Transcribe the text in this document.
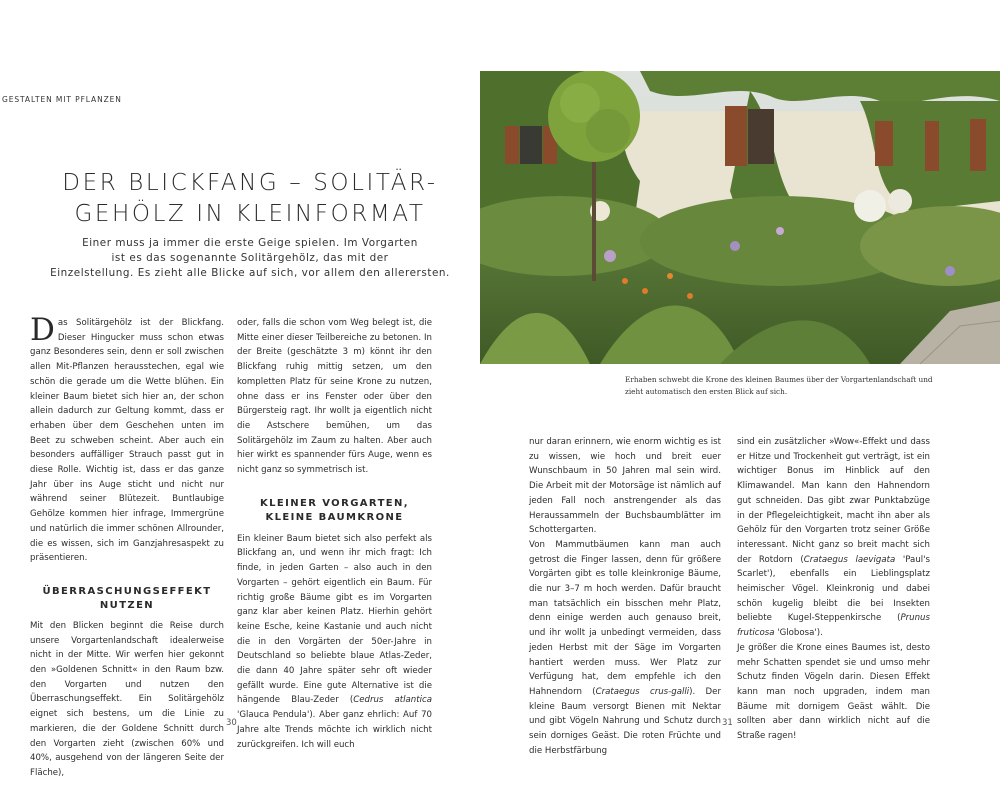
GESTALTEN MIT PFLANZEN
DER BLICKFANG – SOLITÄR-
GEHÖLZ IN KLEINFORMAT
Einer muss ja immer die erste Geige spielen. Im Vorgarten
ist es das sogenannte Solitärgehölz, das mit der
Einzelstellung. Es zieht alle Blicke auf sich, vor allem den allerersten.

Das Solitärgehölz ist der Blickfang. Dieser Hingucker muss schon etwas ganz Besonderes sein, denn er soll zwischen allen Mit-Pflanzen herausstechen, egal wie schön die gerade um die Wette blühen. Ein kleiner Baum bietet sich hier an, der schon allein dadurch zur Geltung kommt, dass er erhaben über dem Geschehen unten im Beet zu schweben scheint. Aber auch ein besonders auffälliger Strauch passt gut in diese Rolle. Wichtig ist, dass er das ganze Jahr über ins Auge sticht und nicht nur während seiner Blütezeit. Buntlaubige Gehölze kommen hier infrage, Immergrüne und natürlich die immer schönen Allrounder, die es wissen, sich im Ganzjahresaspekt zu präsentieren.

ÜBERRASCHUNGSEFFEKT
NUTZEN

Mit den Blicken beginnt die Reise durch unsere Vorgartenlandschaft idealerweise nicht in der Mitte. Wir werfen hier gekonnt den »Goldenen Schnitt« in den Raum bzw. den Vorgarten und nutzen den Überraschungseffekt. Ein Solitärgehölz eignet sich bestens, um die Linie zu markieren, die der Goldene Schnitt durch den Vorgarten zieht (zwischen 60% und 40%, ausgehend von der längeren Seite der Fläche),

oder, falls die schon vom Weg belegt ist, die Mitte einer dieser Teilbereiche zu betonen. In der Breite (geschätzte 3 m) könnt ihr den Blickfang ruhig mittig setzen, um den kompletten Platz für seine Krone zu nutzen, ohne dass er ins Fenster oder über den Bürgersteig ragt. Ihr wollt ja eigentlich nicht die Astschere bemühen, um das Solitärgehölz im Zaum zu halten. Aber auch hier wirkt es spannender fürs Auge, wenn es nicht ganz so symmetrisch ist.

KLEINER VORGARTEN,
KLEINE BAUMKRONE

Ein kleiner Baum bietet sich also perfekt als Blickfang an, und wenn ihr mich fragt: Ich finde, in jeden Garten – also auch in den Vorgarten – gehört eigentlich ein Baum. Für richtig große Bäume gibt es im Vorgarten ganz klar aber keinen Platz. Hierhin gehört keine Esche, keine Kastanie und auch nicht die in den Vorgärten der 50er-Jahre in Deutschland so beliebte blaue Atlas-Zeder, die dann 40 Jahre später sehr oft wieder gefällt wurde. Eine gute Alternative ist die hängende Blau-Zeder (Cedrus atlantica 'Glauca Pendula'). Aber ganz ehrlich: Auf 70 Jahre alte Trends möchte ich wirklich nicht zurückgreifen. Ich will euch

30
Erhaben schwebt die Krone des kleinen Baumes über der Vorgartenlandschaft und
zieht automatisch den ersten Blick auf sich.

nur daran erinnern, wie enorm wichtig es ist zu wissen, wie hoch und breit euer Wunschbaum in 50 Jahren mal sein wird. Die Arbeit mit der Motorsäge ist nämlich auf jeden Fall noch anstrengender als das Heraussammeln der Buchsbaumblätter im Schottergarten.

Von Mammutbäumen kann man auch getrost die Finger lassen, denn für größere Vorgärten gibt es tolle kleinkronige Bäume, die nur 3–7 m hoch werden. Dafür braucht man tatsächlich ein bisschen mehr Platz, denn einige werden auch genauso breit, und ihr wollt ja unbedingt vermeiden, dass jeden Herbst mit der Säge im Vorgarten hantiert werden muss. Wer Platz zur Verfügung hat, dem empfehle ich den Hahnendorn (Crataegus crus-galli). Der kleine Baum versorgt Bienen mit Nektar und gibt Vögeln Nahrung und Schutz durch sein dorniges Geäst. Die roten Früchte und die Herbstfärbung

sind ein zusätzlicher »Wow«-Effekt und dass er Hitze und Trockenheit gut verträgt, ist ein wichtiger Bonus im Hinblick auf den Klimawandel. Man kann den Hahnendorn gut schneiden. Das gibt zwar Punktabzüge in der Pflegeleichtigkeit, macht ihn aber als Gehölz für den Vorgarten trotz seiner Größe interessant. Nicht ganz so breit macht sich der Rotdorn (Crataegus laevigata 'Paul's Scarlet'), ebenfalls ein Lieblingsplatz heimischer Vögel. Kleinkronig und dabei schön kugelig bleibt die bei Insekten beliebte Kugel-Steppenkirsche (Prunus fruticosa 'Globosa').

Je größer die Krone eines Baumes ist, desto mehr Schatten spendet sie und umso mehr Schutz finden Vögeln darin. Diesen Effekt kann man noch upgraden, indem man Bäume mit dornigem Geäst wählt. Die sollten aber dann wirklich nicht auf die Straße ragen!

31
